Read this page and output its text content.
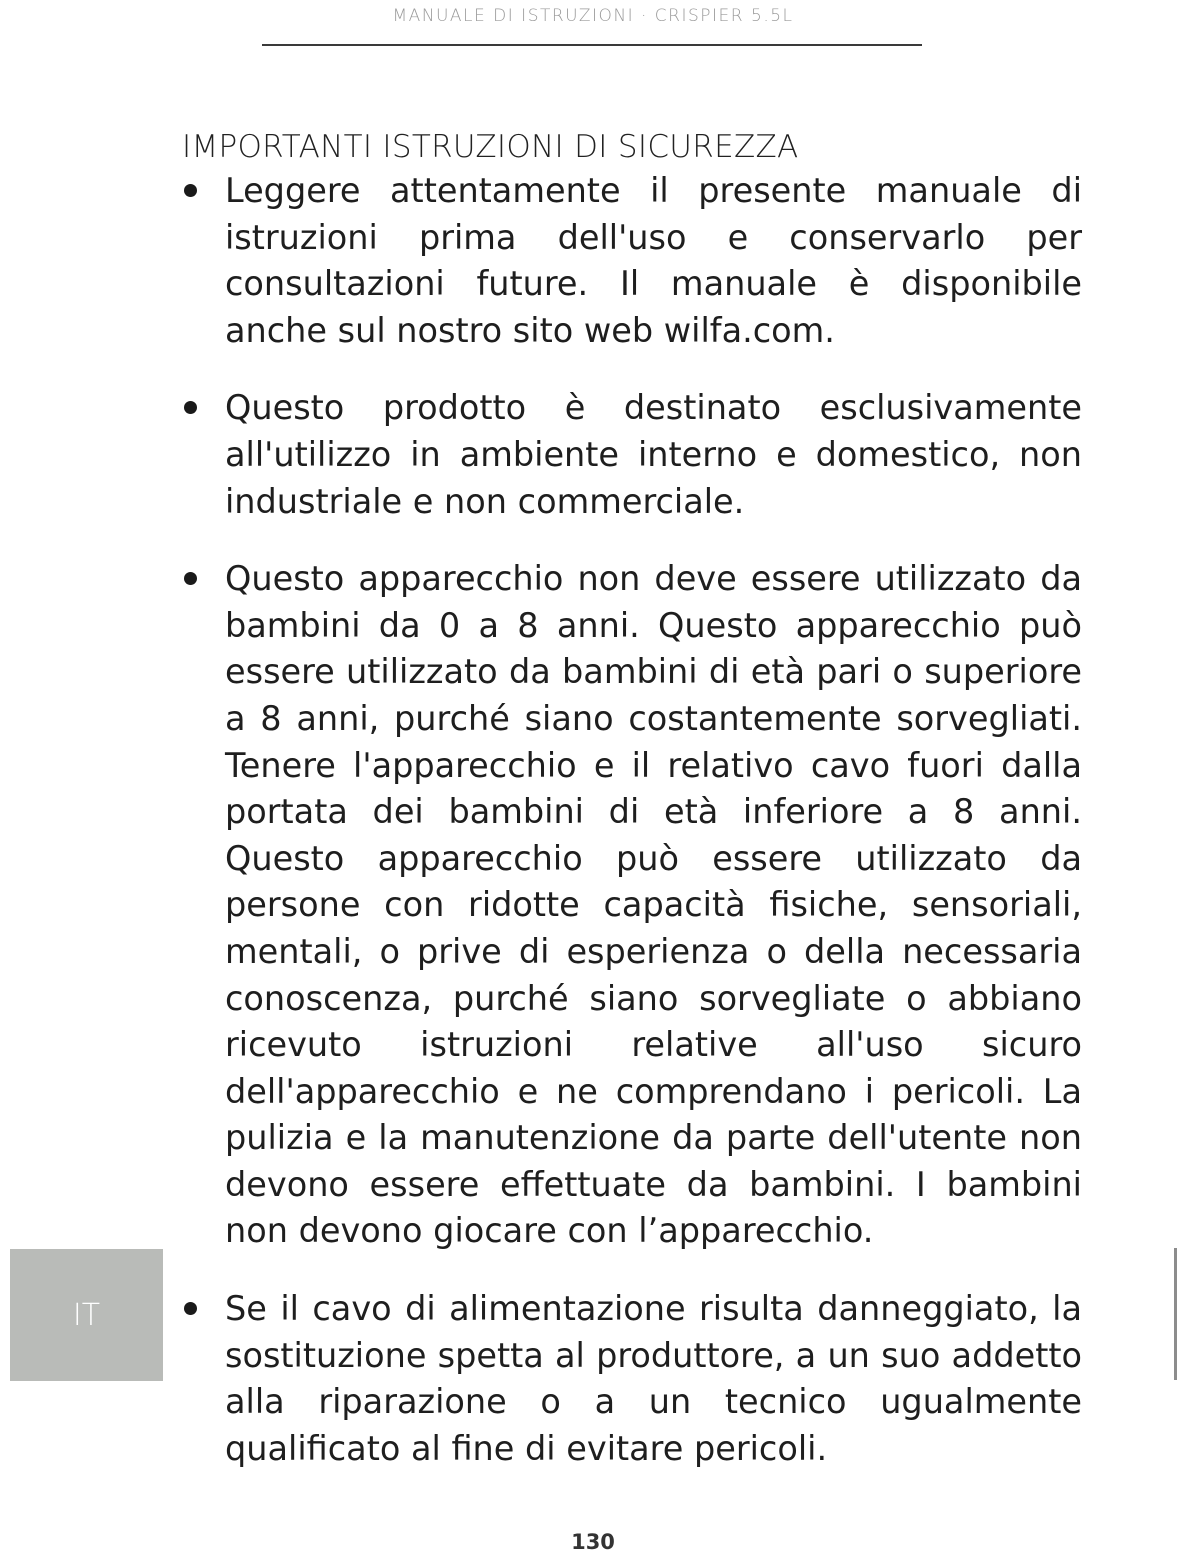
MANUALE DI ISTRUZIONI · CRISPIER 5.5L
IMPORTANTI ISTRUZIONI DI SICUREZZA
Leggere attentamente il presente manuale di istruzioni prima dell'uso e conservarlo per consultazioni future. Il manuale è disponibile anche sul nostro sito web wilfa.com.
Questo prodotto è destinato esclusivamente all'utilizzo in ambiente interno e domestico, non industriale e non commerciale.
Questo apparecchio non deve essere utilizzato da bambini da 0 a 8 anni. Questo apparecchio può essere utilizzato da bambini di età pari o superiore a 8 anni, purché siano costantemente sorvegliati. Tenere l'apparecchio e il relativo cavo fuori dalla portata dei bambini di età inferiore a 8 anni. Questo apparecchio può essere utilizzato da persone con ridotte capacità fisiche, sensoriali, mentali, o prive di esperienza o della necessaria conoscenza, purché siano sorvegliate o abbiano ricevuto istruzioni relative all'uso sicuro dell'apparecchio e ne comprendano i pericoli. La pulizia e la manutenzione da parte dell'utente non devono essere effettuate da bambini. I bambini non devono giocare con l’apparecchio.
Se il cavo di alimentazione risulta danneggiato, la sostituzione spetta al produttore, a un suo addetto alla riparazione o a un tecnico ugualmente qualificato al fine di evitare pericoli.
IT
130
